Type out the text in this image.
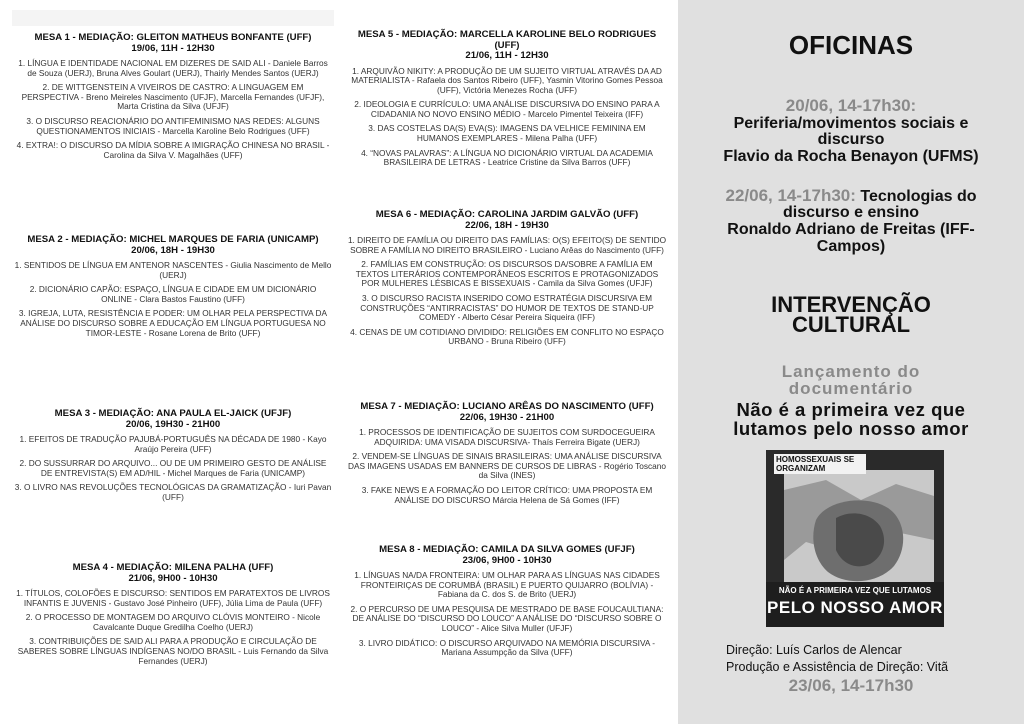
MESA 1 - MEDIAÇÃO: GLEITON MATHEUS BONFANTE (UFF)
19/06, 11H - 12H30
1. LÍNGUA E IDENTIDADE NACIONAL EM DIZERES DE SAID ALI - Daniele Barros de Souza (UERJ), Bruna Alves Goulart (UERJ), Thairly Mendes Santos (UERJ)
2. DE WITTGENSTEIN A VIVEIROS DE CASTRO: A LINGUAGEM EM PERSPECTIVA - Breno Meireles Nascimento (UFJF), Marcella Fernandes (UFJF), Marta Cristina da Silva (UFJF)
3. O DISCURSO REACIONÁRIO DO ANTIFEMINISMO NAS REDES: ALGUNS QUESTIONAMENTOS INICIAIS - Marcella Karoline Belo Rodrigues (UFF)
4. EXTRA!: O DISCURSO DA MÍDIA SOBRE A IMIGRAÇÃO CHINESA NO BRASIL - Carolina da Silva V. Magalhães (UFF)
MESA 2 - MEDIAÇÃO: MICHEL MARQUES DE FARIA (UNICAMP)
20/06, 18H - 19H30
1. SENTIDOS DE LÍNGUA EM ANTENOR NASCENTES - Giulia Nascimento de Mello (UERJ)
2. DICIONÁRIO CAPÃO: ESPAÇO, LÍNGUA E CIDADE EM UM DICIONÁRIO ONLINE - Clara Bastos Faustino (UFF)
3. IGREJA, LUTA, RESISTÊNCIA E PODER: UM OLHAR PELA PERSPECTIVA DA ANÁLISE DO DISCURSO SOBRE A EDUCAÇÃO EM LÍNGUA PORTUGUESA NO TIMOR-LESTE - Rosane Lorena de Brito (UFF)
MESA 3 - MEDIAÇÃO: ANA PAULA EL-JAICK (UFJF)
20/06, 19H30 - 21H00
1. EFEITOS DE TRADUÇÃO PAJUBÁ-PORTUGUÊS NA DÉCADA DE 1980 - Kayo Araújo Pereira (UFF)
2. DO SUSSURRAR DO ARQUIVO... OU DE UM PRIMEIRO GESTO DE ANÁLISE DE ENTREVISTA(S) EM AD/HIL - Michel Marques de Faria (UNICAMP)
3. O LIVRO NAS REVOLUÇÕES TECNOLÓGICAS DA GRAMATIZAÇÃO - Iuri Pavan (UFF)
MESA 4 - MEDIAÇÃO: MILENA PALHA (UFF)
21/06, 9H00 - 10H30
1. TÍTULOS, COLOFÕES E DISCURSO: SENTIDOS EM PARATEXTOS DE LIVROS INFANTIS E JUVENIS - Gustavo José Pinheiro (UFF), Júlia Lima de Paula (UFF)
2. O PROCESSO DE MONTAGEM DO ARQUIVO CLÓVIS MONTEIRO - Nicole Cavalcante Duque Gredilha Coelho (UERJ)
3. CONTRIBUIÇÕES DE SAID ALI PARA A PRODUÇÃO E CIRCULAÇÃO DE SABERES SOBRE LÍNGUAS INDÍGENAS NO/DO BRASIL - Luis Fernando da Silva Fernandes (UERJ)
MESA 5 - MEDIAÇÃO: MARCELLA KAROLINE BELO RODRIGUES (UFF)
21/06, 11H - 12H30
1. ARQUIVÃO NIKITY: A PRODUÇÃO DE UM SUJEITO VIRTUAL ATRAVÉS DA AD MATERIALISTA - Rafaela dos Santos Ribeiro (UFF), Yasmin Vitorino Gomes Pessoa (UFF), Victória Menezes Rocha (UFF)
2. IDEOLOGIA E CURRÍCULO: UMA ANÁLISE DISCURSIVA DO ENSINO PARA A CIDADANIA NO NOVO ENSINO MÉDIO - Marcelo Pimentel Teixeira (IFF)
3. DAS COSTELAS DA(S) EVA(S): IMAGENS DA VELHICE FEMININA EM HUMANOS EXEMPLARES - Milena Palha (UFF)
4. “NOVAS PALAVRAS”: A LÍNGUA NO DICIONÁRIO VIRTUAL DA ACADEMIA BRASILEIRA DE LETRAS - Leatrice Cristine da Silva Barros (UFF)
MESA 6 - MEDIAÇÃO: CAROLINA JARDIM GALVÃO (UFF)
22/06, 18H - 19H30
1. DIREITO DE FAMÍLIA OU DIREITO DAS FAMÍLIAS: O(S) EFEITO(S) DE SENTIDO SOBRE A FAMÍLIA NO DIREITO BRASILEIRO - Luciano Arêas do Nascimento (UFF)
2. FAMÍLIAS EM CONSTRUÇÃO: OS DISCURSOS DA/SOBRE A FAMÍLIA EM TEXTOS LITERÁRIOS CONTEMPORÂNEOS ESCRITOS E PROTAGONIZADOS POR MULHERES LÉSBICAS E BISSEXUAIS - Camila da Silva Gomes (UFJF)
3. O DISCURSO RACISTA INSERIDO COMO ESTRATÉGIA DISCURSIVA EM CONSTRUÇÕES “ANTIRRACISTAS” DO HUMOR DE TEXTOS DE STAND-UP COMEDY - Alberto César Pereira Siqueira (IFF)
4. CENAS DE UM COTIDIANO DIVIDIDO: RELIGIÕES EM CONFLITO NO ESPAÇO URBANO - Bruna Ribeiro (UFF)
MESA 7 - MEDIAÇÃO: LUCIANO ARÊAS DO NASCIMENTO (UFF)
22/06, 19H30 - 21H00
1. PROCESSOS DE IDENTIFICAÇÃO DE SUJEITOS COM SURDOCEGUEIRA ADQUIRIDA: UMA VISADA DISCURSIVA- Thaís Ferreira Bigate (UERJ)
2. VENDEM-SE LÍNGUAS DE SINAIS BRASILEIRAS: UMA ANÁLISE DISCURSIVA DAS IMAGENS USADAS EM BANNERS DE CURSOS DE LIBRAS - Rogério Toscano da Silva (INES)
3. FAKE NEWS E A FORMAÇÃO DO LEITOR CRÍTICO: UMA PROPOSTA EM ANÁLISE DO DISCURSO Márcia Helena de Sá Gomes (IFF)
MESA 8 - MEDIAÇÃO: CAMILA DA SILVA GOMES (UFJF)
23/06, 9H00 - 10H30
1. LÍNGUAS NA/DA FRONTEIRA: UM OLHAR PARA AS LÍNGUAS NAS CIDADES FRONTEIRIÇAS DE CORUMBÁ (BRASIL) E PUERTO QUIJARRO (BOLÍVIA) - Fabiana da C. dos S. de Brito (UERJ)
2. O PERCURSO DE UMA PESQUISA DE MESTRADO DE BASE FOUCAULTIANA: DE ANÁLISE DO “DISCURSO DO LOUCO” A ANÁLISE DO “DISCURSO SOBRE O LOUCO” - Alice Silva Muller (UFJF)
3. LIVRO DIDÁTICO: O DISCURSO ARQUIVADO NA MEMÓRIA DISCURSIVA - Mariana Assumpção da Silva (UFF)
OFICINAS
20/06, 14-17h30:
Periferia/movimentos sociais e
discurso
Flavio da Rocha Benayon (UFMS)
22/06, 14-17h30: Tecnologias do
discurso e ensino
Ronaldo Adriano de Freitas (IFF-
Campos)
INTERVENÇÃO
CULTURAL
Lançamento do
documentário
Não é a primeira vez que
lutamos pelo nosso amor
HOMOSSEXUAIS SE ORGANIZAM
NÃO É A PRIMEIRA VEZ QUE LUTAMOS
PELO NOSSO AMOR
Direção: Luís Carlos de Alencar
Produção e Assistência de Direção: Vitã
23/06, 14-17h30
